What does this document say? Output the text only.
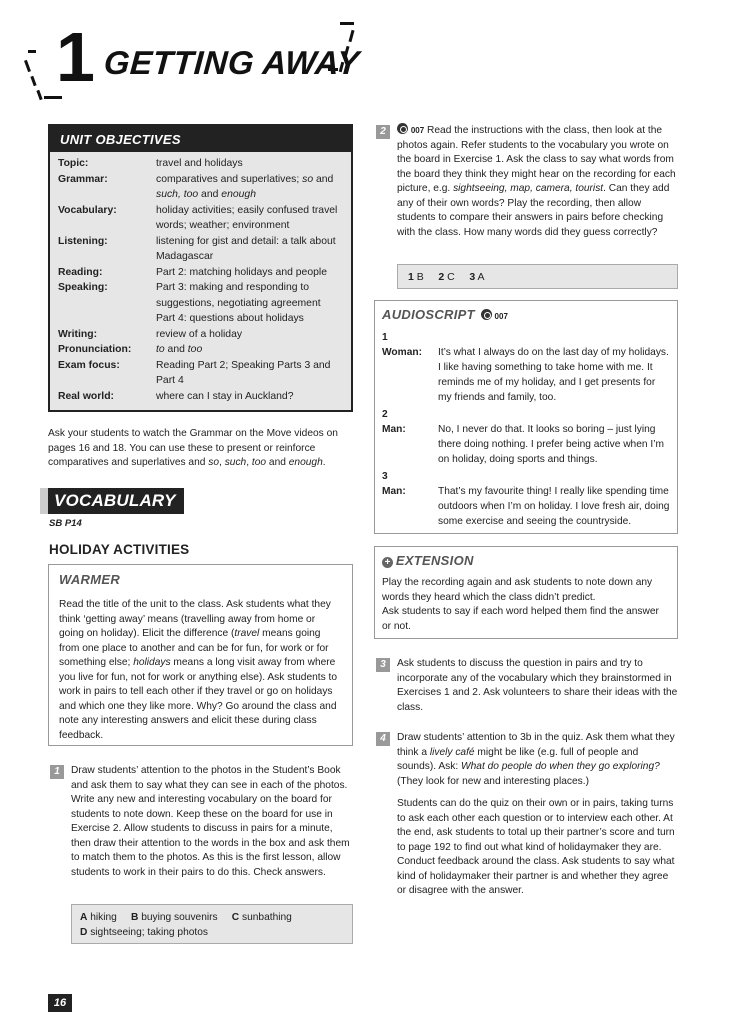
1 GETTING AWAY
UNIT OBJECTIVES
Topic:	travel and holidays
Grammar:	comparatives and superlatives; so and
such, too and enough
Vocabulary:	holiday activities; easily confused travel words; weather; environment
Listening:	listening for gist and detail: a talk about Madagascar
Reading:	Part 2: matching holidays and people
Speaking:	Part 3: making and responding to suggestions, negotiating agreement
Part 4: questions about holidays
Writing:	review of a holiday
Pronunciation:	to and too
Exam focus:	Reading Part 2; Speaking Parts 3 and Part 4
Real world:	where can I stay in Auckland?
Ask your students to watch the Grammar on the Move videos on pages 16 and 18. You can use these to present or reinforce comparatives and superlatives and so, such, too and enough.
VOCABULARY
SB P14
HOLIDAY ACTIVITIES
WARMER
Read the title of the unit to the class. Ask students what they think ‘getting away’ means (travelling away from home or going on holiday). Elicit the difference (travel means going from one place to another and can be for fun, for work or for something else; holidays means a long visit away from where you live for fun, not for work or anything else). Ask students to work in pairs to tell each other if they travel or go on holidays and which one they like more. Why? Go around the class and note any interesting answers and elicit these during class feedback.
1	Draw students’ attention to the photos in the Student’s Book and ask them to say what they can see in each of the photos. Write any new and interesting vocabulary on the board for students to note down. Keep these on the board for use in Exercise 2. Allow students to discuss in pairs for a minute, then draw their attention to the words in the box and ask them to match them to the photos. As this is the first lesson, allow students to work in their pairs to do this. Check answers.
A hiking B buying souvenirs C sunbathing
D sightseeing; taking photos
16
2	007 Read the instructions with the class, then look at the photos again. Refer students to the vocabulary you wrote on the board in Exercise 1. Ask the class to say what words from the board they think they might hear on the recording for each picture, e.g. sightseeing, map, camera, tourist. Can they add any of their own words? Play the recording, then allow students to compare their answers in pairs before checking with the class. How many words did they guess correctly?
1 B 2 C 3 A
AUDIOSCRIPT 007
1
Woman:	It’s what I always do on the last day of my holidays. I like having something to take home with me. It reminds me of my holiday, and I get presents for my friends and family, too.
2
Man:	No, I never do that. It looks so boring – just lying there doing nothing. I prefer being active when I’m on holiday, doing sports and things.
3
Man:	That’s my favourite thing! I really like spending time outdoors when I’m on holiday. I love fresh air, doing some exercise and seeing the countryside.
+ EXTENSION
Play the recording again and ask students to note down any words they heard which the class didn’t predict.
Ask students to say if each word helped them find the answer or not.
3	Ask students to discuss the question in pairs and try to incorporate any of the vocabulary which they brainstormed in Exercises 1 and 2. Ask volunteers to share their ideas with the class.
4	Draw students’ attention to 3b in the quiz. Ask them what they think a lively café might be like (e.g. full of people and sounds). Ask: What do people do when they go exploring? (They look for new and interesting places.)
Students can do the quiz on their own or in pairs, taking turns to ask each other each question or to interview each other. At the end, ask students to total up their partner’s score and turn to page 192 to find out what kind of holidaymaker they are. Conduct feedback around the class. Ask students to say what kind of holidaymaker their partner is and whether they agree or disagree with the answer.
